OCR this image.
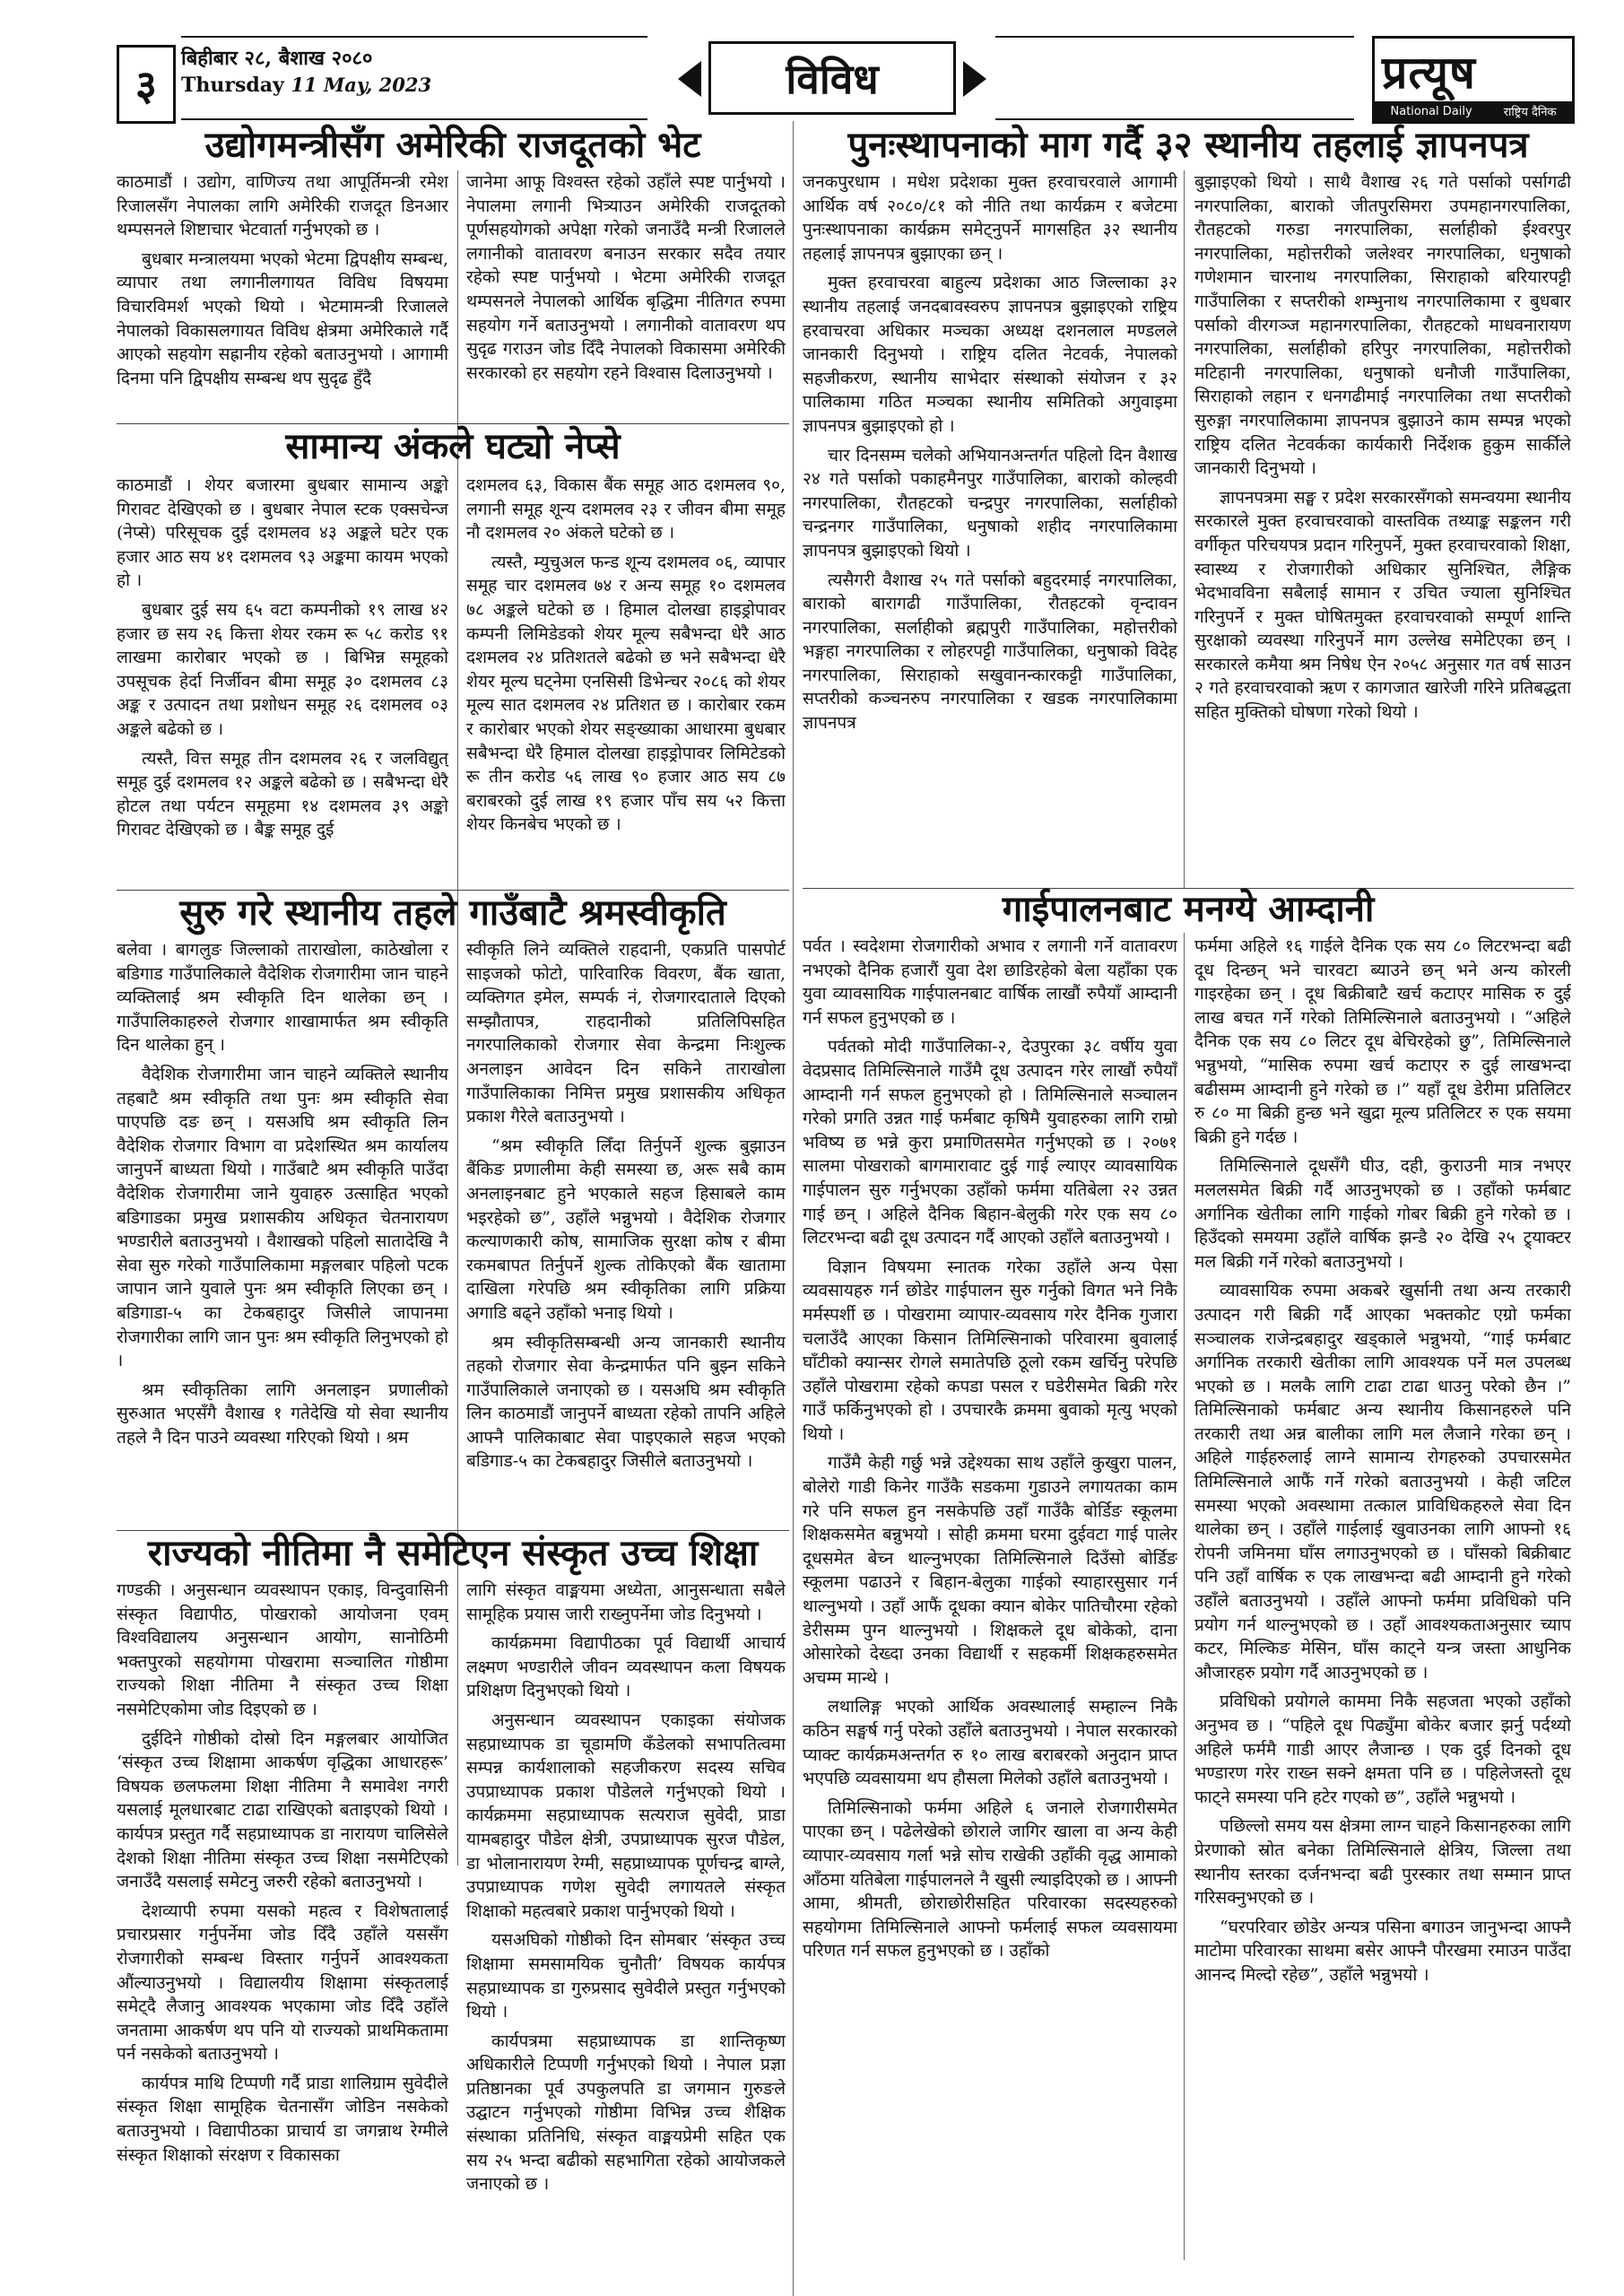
३
बिहीबार २८, बैशाख २०८०
Thursday 11 May, 2023	विविध	प्रत्यूष
National Daily	राष्ट्रिय दैनिक
उद्योगमन्त्रीसँग अमेरिकी राजदूतको भेट

काठमाडौं । उद्योग, वाणिज्य तथा आपूर्तिमन्त्री रमेश रिजालसँग नेपालका लागि अमेरिकी राजदूत डिनआर थम्पसनले शिष्टाचार भेटवार्ता गर्नुभएको छ ।

बुधबार मन्त्रालयमा भएको भेटमा द्विपक्षीय सम्बन्ध, व्यापार तथा लगानीलगायत विविध विषयमा विचारविमर्श भएको थियो । भेटमामन्त्री रिजालले नेपालको विकासलगायत विविध क्षेत्रमा अमेरिकाले गर्दै आएको सहयोग सह्रानीय रहेको बताउनुभयो । आगामी दिनमा पनि द्विपक्षीय सम्बन्ध थप सुदृढ हुँदै

जानेमा आफू विश्वस्त रहेको उहाँले स्पष्ट पार्नुभयो । नेपालमा लगानी भित्र्याउन अमेरिकी राजदूतको पूर्णसहयोगको अपेक्षा गरेको जनाउँदै मन्त्री रिजालले लगानीको वातावरण बनाउन सरकार सदैव तयार रहेको स्पष्ट पार्नुभयो । भेटमा अमेरिकी राजदूत थम्पसनले नेपालको आर्थिक बृद्धिमा नीतिगत रुपमा सहयोग गर्ने बताउनुभयो । लगानीको वातावरण थप सुदृढ गराउन जोड दिँदै नेपालको विकासमा अमेरिकी सरकारको हर सहयोग रहने विश्वास दिलाउनुभयो ।

सामान्य अंकले घट्यो नेप्से

काठमाडौं । शेयर बजारमा बुधबार सामान्य अङ्को गिरावट देखिएको छ । बुधबार नेपाल स्टक एक्सचेन्ज (नेप्से) परिसूचक दुई दशमलव ४३ अङ्कले घटेर एक हजार आठ सय ४१ दशमलव ९३ अङ्कमा कायम भएको हो ।

बुधबार दुई सय ६५ वटा कम्पनीको १९ लाख ४२ हजार छ सय २६ कित्ता शेयर रकम रू ५८ करोड ९१ लाखमा कारोबार भएको छ । बिभिन्न समूहको उपसूचक हेर्दा निर्जीवन बीमा समूह ३० दशमलव ८३ अङ्क र उत्पादन तथा प्रशोधन समूह २६ दशमलव ०३ अङ्कले बढेको छ ।

त्यस्तै, वित्त समूह तीन दशमलव २६ र जलविद्युत् समूह दुई दशमलव १२ अङ्कले बढेको छ । सबैभन्दा धेरै होटल तथा पर्यटन समूहमा १४ दशमलव ३९ अङ्को गिरावट देखिएको छ । बैङ्क समूह दुई

दशमलव ६३, विकास बैंक समूह आठ दशमलव ९०, लगानी समूह शून्य दशमलव २३ र जीवन बीमा समूह नौ दशमलव २० अंकले घटेको छ ।

त्यस्तै, म्युचुअल फन्ड शून्य दशमलव ०६, व्यापार समूह चार दशमलव ७४ र अन्य समूह १० दशमलव ७८ अङ्कले घटेको छ । हिमाल दोलखा हाइड्रोपावर कम्पनी लिमिडेडको शेयर मूल्य सबैभन्दा धेरै आठ दशमलव २४ प्रतिशतले बढेको छ भने सबैभन्दा धेरै शेयर मूल्य घट्नेमा एनसिसी डिभेन्चर २०८६ को शेयर मूल्य सात दशमलव २४ प्रतिशत छ । कारोबार रकम र कारोबार भएको शेयर सङ्ख्याका आधारमा बुधबार सबैभन्दा धेरै हिमाल दोलखा हाइड्रोपावर लिमिटेडको रू तीन करोड ५६ लाख ९० हजार आठ सय ८७ बराबरको दुई लाख १९ हजार पाँच सय ५२ कित्ता शेयर किनबेच भएको छ ।

सुरु गरे स्थानीय तहले गाउँबाटै श्रमस्वीकृति

बलेवा । बागलुङ जिल्लाको ताराखोला, काठेखोला र बडिगाड गाउँपालिकाले वैदेशिक रोजगारीमा जान चाहने व्यक्तिलाई श्रम स्वीकृति दिन थालेका छन् । गाउँपालिकाहरुले रोजगार शाखामार्फत श्रम स्वीकृति दिन थालेका हुन् ।

वैदेशिक रोजगारीमा जान चाहने व्यक्तिले स्थानीय तहबाटै श्रम स्वीकृति तथा पुनः श्रम स्वीकृति सेवा पाएपछि दङ छन् । यसअघि श्रम स्वीकृति लिन वैदेशिक रोजगार विभाग वा प्रदेशस्थित श्रम कार्यालय जानुपर्ने बाध्यता थियो । गाउँबाटै श्रम स्वीकृति पाउँदा वैदेशिक रोजगारीमा जाने युवाहरु उत्साहित भएको बडिगाडका प्रमुख प्रशासकीय अधिकृत चेतनारायण भण्डारीले बताउनुभयो । वैशाखको पहिलो सातादेखि नै सेवा सुरु गरेको गाउँपालिकामा मङ्गलबार पहिलो पटक जापान जाने युवाले पुनः श्रम स्वीकृति लिएका छन् । बडिगाडा-५ का टेकबहादुर जिसीले जापानमा रोजगारीका लागि जान पुनः श्रम स्वीकृति लिनुभएको हो ।

श्रम स्वीकृतिका लागि अनलाइन प्रणालीको सुरुआत भएसँगै वैशाख १ गतेदेखि यो सेवा स्थानीय तहले नै दिन पाउने व्यवस्था गरिएको थियो । श्रम

स्वीकृति लिने व्यक्तिले राहदानी, एकप्रति पासपोर्ट साइजको फोटो, पारिवारिक विवरण, बैंक खाता, व्यक्तिगत इमेल, सम्पर्क नं, रोजगारदाताले दिएको सम्झौतापत्र, राहदानीको प्रतिलिपिसहित नगरपालिकाको रोजगार सेवा केन्द्रमा निःशुल्क अनलाइन आवेदन दिन सकिने ताराखोला गाउँपालिकाका निमित्त प्रमुख प्रशासकीय अधिकृत प्रकाश गैरेले बताउनुभयो ।

“श्रम स्वीकृति लिँदा तिर्नुपर्ने शुल्क बुझाउन बैंकिङ प्रणालीमा केही समस्या छ, अरू सबै काम अनलाइनबाट हुने भएकाले सहज हिसाबले काम भइरहेको छ”, उहाँले भन्नुभयो । वैदेशिक रोजगार कल्याणकारी कोष, सामाजिक सुरक्षा कोष र बीमा रकमबापत तिर्नुपर्ने शुल्क तोकिएको बैंक खातामा दाखिला गरेपछि श्रम स्वीकृतिका लागि प्रक्रिया अगाडि बढ्ने उहाँको भनाइ थियो ।

श्रम स्वीकृतिसम्बन्धी अन्य जानकारी स्थानीय तहको रोजगार सेवा केन्द्रमार्फत पनि बुझ्न सकिने गाउँपालिकाले जनाएको छ । यसअघि श्रम स्वीकृति लिन काठमाडौं जानुपर्ने बाध्यता रहेको तापनि अहिले आफ्नै पालिकाबाट सेवा पाइएकाले सहज भएको बडिगाड-५ का टेकबहादुर जिसीले बताउनुभयो ।

राज्यको नीतिमा नै समेटिएन संस्कृत उच्च शिक्षा

गण्डकी । अनुसन्धान व्यवस्थापन एकाइ, विन्दुवासिनी संस्कृत विद्यापीठ, पोखराको आयोजना एवम् विश्वविद्यालय अनुसन्धान आयोग, सानोठिमी भक्तपुरको सहयोगमा पोखरामा सञ्चालित गोष्ठीमा राज्यको शिक्षा नीतिमा नै संस्कृत उच्च शिक्षा नसमेटिएकोमा जोड दिइएको छ ।

दुईदिने गोष्ठीको दोस्रो दिन मङ्गलबार आयोजित ‘संस्कृत उच्च शिक्षामा आकर्षण वृद्धिका आधारहरू’ विषयक छलफलमा शिक्षा नीतिमा नै समावेश नगरी यसलाई मूलधारबाट टाढा राखिएको बताइएको थियो । कार्यपत्र प्रस्तुत गर्दै सहप्राध्यापक डा नारायण चालिसेले देशको शिक्षा नीतिमा संस्कृत उच्च शिक्षा नसमेटिएको जनाउँदै यसलाई समेटनु जरुरी रहेको बताउनुभयो ।

देशव्यापी रुपमा यसको महत्व र विशेषतालाई प्रचारप्रसार गर्नुपर्नेमा जोड दिँदै उहाँले यससँग रोजगारीको सम्बन्ध विस्तार गर्नुपर्ने आवश्यकता औंल्याउनुभयो । विद्यालयीय शिक्षामा संस्कृतलाई समेट्दै लैजानु आवश्यक भएकामा जोड दिँदै उहाँले जनतामा आकर्षण थप पनि यो राज्यको प्राथमिकतामा पर्न नसकेको बताउनुभयो ।

कार्यपत्र माथि टिप्पणी गर्दै प्राडा शालिग्राम सुवेदीले संस्कृत शिक्षा सामूहिक चेतनासँग जोडिन नसकेको बताउनुभयो । विद्यापीठका प्राचार्य डा जगन्नाथ रेग्मीले संस्कृत शिक्षाको संरक्षण र विकासका

लागि संस्कृत वाङ्मयमा अध्येता, आनुसन्धाता सबैले सामूहिक प्रयास जारी राख्नुपर्नेमा जोड दिनुभयो ।

कार्यक्रममा विद्यापीठका पूर्व विद्यार्थी आचार्य लक्ष्मण भण्डारीले जीवन व्यवस्थापन कला विषयक प्रशिक्षण दिनुभएको थियो ।

अनुसन्धान व्यवस्थापन एकाइका संयोजक सहप्राध्यापक डा चूडामणि कँडेलको सभापतित्वमा सम्पन्न कार्यशालाको सहजीकरण सदस्य सचिव उपप्राध्यापक प्रकाश पौडेलले गर्नुभएको थियो । कार्यक्रममा सहप्राध्यापक सत्यराज सुवेदी, प्राडा यामबहादुर पौडेल क्षेत्री, उपप्राध्यापक सुरज पौडेल, डा भोलानारायण रेग्मी, सहप्राध्यापक पूर्णचन्द्र बाग्ले, उपप्राध्यापक गणेश सुवेदी लगायतले संस्कृत शिक्षाको महत्वबारे प्रकाश पार्नुभएको थियो ।

यसअघिको गोष्ठीको दिन सोमबार ‘संस्कृत उच्च शिक्षामा समसामयिक चुनौती’ विषयक कार्यपत्र सहप्राध्यापक डा गुरुप्रसाद सुवेदीले प्रस्तुत गर्नुभएको थियो ।

कार्यपत्रमा सहप्राध्यापक डा शान्तिकृष्ण अधिकारीले टिप्पणी गर्नुभएको थियो । नेपाल प्रज्ञा प्रतिष्ठानका पूर्व उपकुलपति डा जगमान गुरुङले उद्घाटन गर्नुभएको गोष्ठीमा विभिन्न उच्च शैक्षिक संस्थाका प्रतिनिधि, संस्कृत वाङ्मयप्रेमी सहित एक सय २५ भन्दा बढीको सहभागिता रहेको आयोजकले जनाएको छ ।

पुनःस्थापनाको माग गर्दै ३२ स्थानीय तहलाई ज्ञापनपत्र

जनकपुरधाम । मधेश प्रदेशका मुक्त हरवाचरवाले आगामी आर्थिक वर्ष २०८०/८१ को नीति तथा कार्यक्रम र बजेटमा पुनःस्थापनाका कार्यक्रम समेट्नुपर्ने मागसहित ३२ स्थानीय तहलाई ज्ञापनपत्र बुझाएका छन् ।

मुक्त हरवाचरवा बाहुल्य प्रदेशका आठ जिल्लाका ३२ स्थानीय तहलाई जनदबावस्वरुप ज्ञापनपत्र बुझाइएको राष्ट्रिय हरवाचरवा अधिकार मञ्चका अध्यक्ष दशनलाल मण्डलले जानकारी दिनुभयो । राष्ट्रिय दलित नेटवर्क, नेपालको सहजीकरण, स्थानीय साभेदार संस्थाको संयोजन र ३२ पालिकामा गठित मञ्चका स्थानीय समितिको अगुवाइमा ज्ञापनपत्र बुझाइएको हो ।

चार दिनसम्म चलेको अभियानअन्तर्गत पहिलो दिन वैशाख २४ गते पर्साको पकाहमैनपुर गाउँपालिका, बाराको कोल्हवी नगरपालिका, रौतहटको चन्द्रपुर नगरपालिका, सर्लाहीको चन्द्रनगर गाउँपालिका, धनुषाको शहीद नगरपालिकामा ज्ञापनपत्र बुझाइएको थियो ।

त्यसैगरी वैशाख २५ गते पर्साको बहुदरमाई नगरपालिका, बाराको बारागढी गाउँपालिका, रौतहटको वृन्दावन नगरपालिका, सर्लाहीको ब्रह्मपुरी गाउँपालिका, महोत्तरीको भङ्गहा नगरपालिका र लोहरपट्टी गाउँपालिका, धनुषाको विदेह नगरपालिका, सिराहाको सखुवानन्कारकट्टी गाउँपालिका, सप्तरीको कञ्चनरुप नगरपालिका र खडक नगरपालिकामा ज्ञापनपत्र

बुझाइएको थियो । साथै वैशाख २६ गते पर्साको पर्सागढी नगरपालिका, बाराको जीतपुरसिमरा उपमहानगरपालिका, रौतहटको गरुडा नगरपालिका, सर्लाहीको ईश्वरपुर नगरपालिका, महोत्तरीको जलेश्वर नगरपालिका, धनुषाको गणेशमान चारनाथ नगरपालिका, सिराहाको बरियारपट्टी गाउँपालिका र सप्तरीको शम्भुनाथ नगरपालिकामा र बुधबार पर्साको वीरगञ्ज महानगरपालिका, रौतहटको माधवनारायण नगरपालिका, सर्लाहीको हरिपुर नगरपालिका, महोत्तरीको मटिहानी नगरपालिका, धनुषाको धनौजी गाउँपालिका, सिराहाको लहान र धनगढीमाई नगरपालिका तथा सप्तरीको सुरुङ्गा नगरपालिकामा ज्ञापनपत्र बुझाउने काम सम्पन्न भएको राष्ट्रिय दलित नेटवर्कका कार्यकारी निर्देशक हुकुम सार्कीले जानकारी दिनुभयो ।

ज्ञापनपत्रमा सङ्घ र प्रदेश सरकारसँगको समन्वयमा स्थानीय सरकारले मुक्त हरवाचरवाको वास्तविक तथ्याङ्क सङ्कलन गरी वर्गीकृत परिचयपत्र प्रदान गरिनुपर्ने, मुक्त हरवाचरवाको शिक्षा, स्वास्थ्य र रोजगारीको अधिकार सुनिश्चित, लैङ्गिक भेदभावविना सबैलाई सामान र उचित ज्याला सुनिश्चित गरिनुपर्ने र मुक्त घोषितमुक्त हरवाचरवाको सम्पूर्ण शान्ति सुरक्षाको व्यवस्था गरिनुपर्ने माग उल्लेख समेटिएका छन् । सरकारले कमैया श्रम निषेध ऐन २०५८ अनुसार गत वर्ष साउन २ गते हरवाचरवाको ऋण र कागजात खारेजी गरिने प्रतिबद्धता सहित मुक्तिको घोषणा गरेको थियो ।

गाईपालनबाट मनग्ये आम्दानी

पर्वत । स्वदेशमा रोजगारीको अभाव र लगानी गर्ने वातावरण नभएको दैनिक हजारौं युवा देश छाडिरहेको बेला यहाँका एक युवा व्यावसायिक गाईपालनबाट वार्षिक लाखौं रुपैयाँ आम्दानी गर्न सफल हुनुभएको छ ।

पर्वतको मोदी गाउँपालिका-२, देउपुरका ३८ वर्षीय युवा वेदप्रसाद तिमिल्सिनाले गाउँमै दूध उत्पादन गरेर लाखौं रुपैयाँ आम्दानी गर्न सफल हुनुभएको हो । तिमिल्सिनाले सञ्चालन गरेको प्रगति उन्नत गाई फर्मबाट कृषिमै युवाहरुका लागि राम्रो भविष्य छ भन्ने कुरा प्रमाणितसमेत गर्नुभएको छ । २०७१ सालमा पोखराको बागमारावाट दुई गाई ल्याएर व्यावसायिक गाईपालन सुरु गर्नुभएका उहाँको फर्ममा यतिबेला २२ उन्नत गाई छन् । अहिले दैनिक बिहान-बेलुकी गरेर एक सय ८० लिटरभन्दा बढी दूध उत्पादन गर्दै आएको उहाँले बताउनुभयो ।

विज्ञान विषयमा स्नातक गरेका उहाँले अन्य पेसा व्यवसायहरु गर्न छोडेर गाईपालन सुरु गर्नुको विगत भने निकै मर्मस्पर्शी छ । पोखरामा व्यापार-व्यवसाय गरेर दैनिक गुजारा चलाउँदै आएका किसान तिमिल्सिनाको परिवारमा बुवालाई घाँटीको क्यान्सर रोगले समातेपछि ठूलो रकम खर्चिनु परेपछि उहाँले पोखरामा रहेको कपडा पसल र घडेरीसमेत बिक्री गरेर गाउँ फर्किनुभएको हो । उपचारकै क्रममा बुवाको मृत्यु भएको थियो ।

गाउँमै केही गर्छु भन्ने उद्देश्यका साथ उहाँले कुखुरा पालन, बोलेरो गाडी किनेर गाउँकै सडकमा गुडाउने लगायतका काम गरे पनि सफल हुन नसकेपछि उहाँ गाउँकै बोर्डिङ स्कूलमा शिक्षकसमेत बन्नुभयो । सोही क्रममा घरमा दुईवटा गाई पालेर दूधसमेत बेच्न थाल्नुभएका तिमिल्सिनाले दिउँसो बोर्डिङ स्कूलमा पढाउने र बिहान-बेलुका गाईको स्याहारसुसार गर्न थाल्नुभयो । उहाँ आफैं दूधका क्यान बोकेर पातिचौरमा रहेको डेरीसम्म पुग्न थाल्नुभयो । शिक्षकले दूध बोकेको, दाना ओसारेको देख्दा उनका विद्यार्थी र सहकर्मी शिक्षकहरुसमेत अचम्म मान्थे ।

लथालिङ्ग भएको आर्थिक अवस्थालाई सम्हाल्न निकै कठिन सङ्घर्ष गर्नु परेको उहाँले बताउनुभयो । नेपाल सरकारको प्याक्ट कार्यक्रमअन्तर्गत रु १० लाख बराबरको अनुदान प्राप्त भएपछि व्यवसायमा थप हौसला मिलेको उहाँले बताउनुभयो ।

तिमिल्सिनाको फर्ममा अहिले ६ जनाले रोजगारीसमेत पाएका छन् । पढेलेखेको छोराले जागिर खाला वा अन्य केही व्यापार-व्यवसाय गर्ला भन्ने सोच राखेकी उहाँकी वृद्ध आमाको आँठमा यतिबेला गाईपालनले नै खुसी ल्याइदिएको छ । आफ्नी आमा, श्रीमती, छोराछोरीसहित परिवारका सदस्यहरुको सहयोगमा तिमिल्सिनाले आफ्नो फर्मलाई सफल व्यवसायमा परिणत गर्न सफल हुनुभएको छ । उहाँको

फर्ममा अहिले १६ गाईले दैनिक एक सय ८० लिटरभन्दा बढी दूध दिन्छन् भने चारवटा ब्याउने छन् भने अन्य कोरली गाइरहेका छन् । दूध बिक्रीबाटै खर्च कटाएर मासिक रु दुई लाख बचत गर्ने गरेको तिमिल्सिनाले बताउनुभयो । “अहिले दैनिक एक सय ८० लिटर दूध बेचिरहेको छु”, तिमिल्सिनाले भन्नुभयो, “मासिक रुपमा खर्च कटाएर रु दुई लाखभन्दा बढीसम्म आम्दानी हुने गरेको छ ।” यहाँ दूध डेरीमा प्रतिलिटर रु ८० मा बिक्री हुन्छ भने खुद्रा मूल्य प्रतिलिटर रु एक सयमा बिक्री हुने गर्दछ ।

तिमिल्सिनाले दूधसँगै घीउ, दही, कुराउनी मात्र नभएर मललसमेत बिक्री गर्दै आउनुभएको छ । उहाँको फर्मबाट अर्गानिक खेतीका लागि गाईको गोबर बिक्री हुने गरेको छ । हिउँदको समयमा उहाँले वार्षिक झन्डै २० देखि २५ ट्र्याक्टर मल बिक्री गर्ने गरेको बताउनुभयो ।

व्यावसायिक रुपमा अकबरे खुर्सानी तथा अन्य तरकारी उत्पादन गरी बिक्री गर्दै आएका भक्तकोट एग्रो फर्मका सञ्चालक राजेन्द्रबहादुर खड्काले भन्नुभयो, “गाई फर्मबाट अर्गानिक तरकारी खेतीका लागि आवश्यक पर्ने मल उपलब्ध भएको छ । मलकै लागि टाढा टाढा धाउनु परेको छैन ।” तिमिल्सिनाको फर्मबाट अन्य स्थानीय किसानहरुले पनि तरकारी तथा अन्न बालीका लागि मल लैजाने गरेका छन् । अहिले गाईहरुलाई लाग्ने सामान्य रोगहरुको उपचारसमेत तिमिल्सिनाले आफैं गर्ने गरेको बताउनुभयो । केही जटिल समस्या भएको अवस्थामा तत्काल प्राविधिकहरुले सेवा दिन थालेका छन् । उहाँले गाईलाई खुवाउनका लागि आफ्नो १६ रोपनी जमिनमा घाँस लगाउनुभएको छ । घाँसको बिक्रीबाट पनि उहाँ वार्षिक रु एक लाखभन्दा बढी आम्दानी हुने गरेको उहाँले बताउनुभयो । उहाँले आफ्नो फर्ममा प्रविधिको पनि प्रयोग गर्न थाल्नुभएको छ । उहाँ आवश्यकताअनुसार च्याप कटर, मिल्किङ मेसिन, घाँस काट्ने यन्त्र जस्ता आधुनिक औजारहरु प्रयोग गर्दै आउनुभएको छ ।

प्रविधिको प्रयोगले काममा निकै सहजता भएको उहाँको अनुभव छ । “पहिले दूध पिढ्युँमा बोकेर बजार झर्नु पर्दथ्यो अहिले फर्ममै गाडी आएर लैजान्छ । एक दुई दिनको दूध भण्डारण गरेर राख्न सक्ने क्षमता पनि छ । पहिलेजस्तो दूध फाट्ने समस्या पनि हटेर गएको छ”, उहाँले भन्नुभयो ।

पछिल्लो समय यस क्षेत्रमा लाग्न चाहने किसानहरुका लागि प्रेरणाको स्रोत बनेका तिमिल्सिनाले क्षेत्रिय, जिल्ला तथा स्थानीय स्तरका दर्जनभन्दा बढी पुरस्कार तथा सम्मान प्राप्त गरिसक्नुभएको छ ।

“घरपरिवार छोडेर अन्यत्र पसिना बगाउन जानुभन्दा आफ्नै माटोमा परिवारका साथमा बसेर आफ्नै पौरखमा रमाउन पाउँदा आनन्द मिल्दो रहेछ”, उहाँले भन्नुभयो ।
